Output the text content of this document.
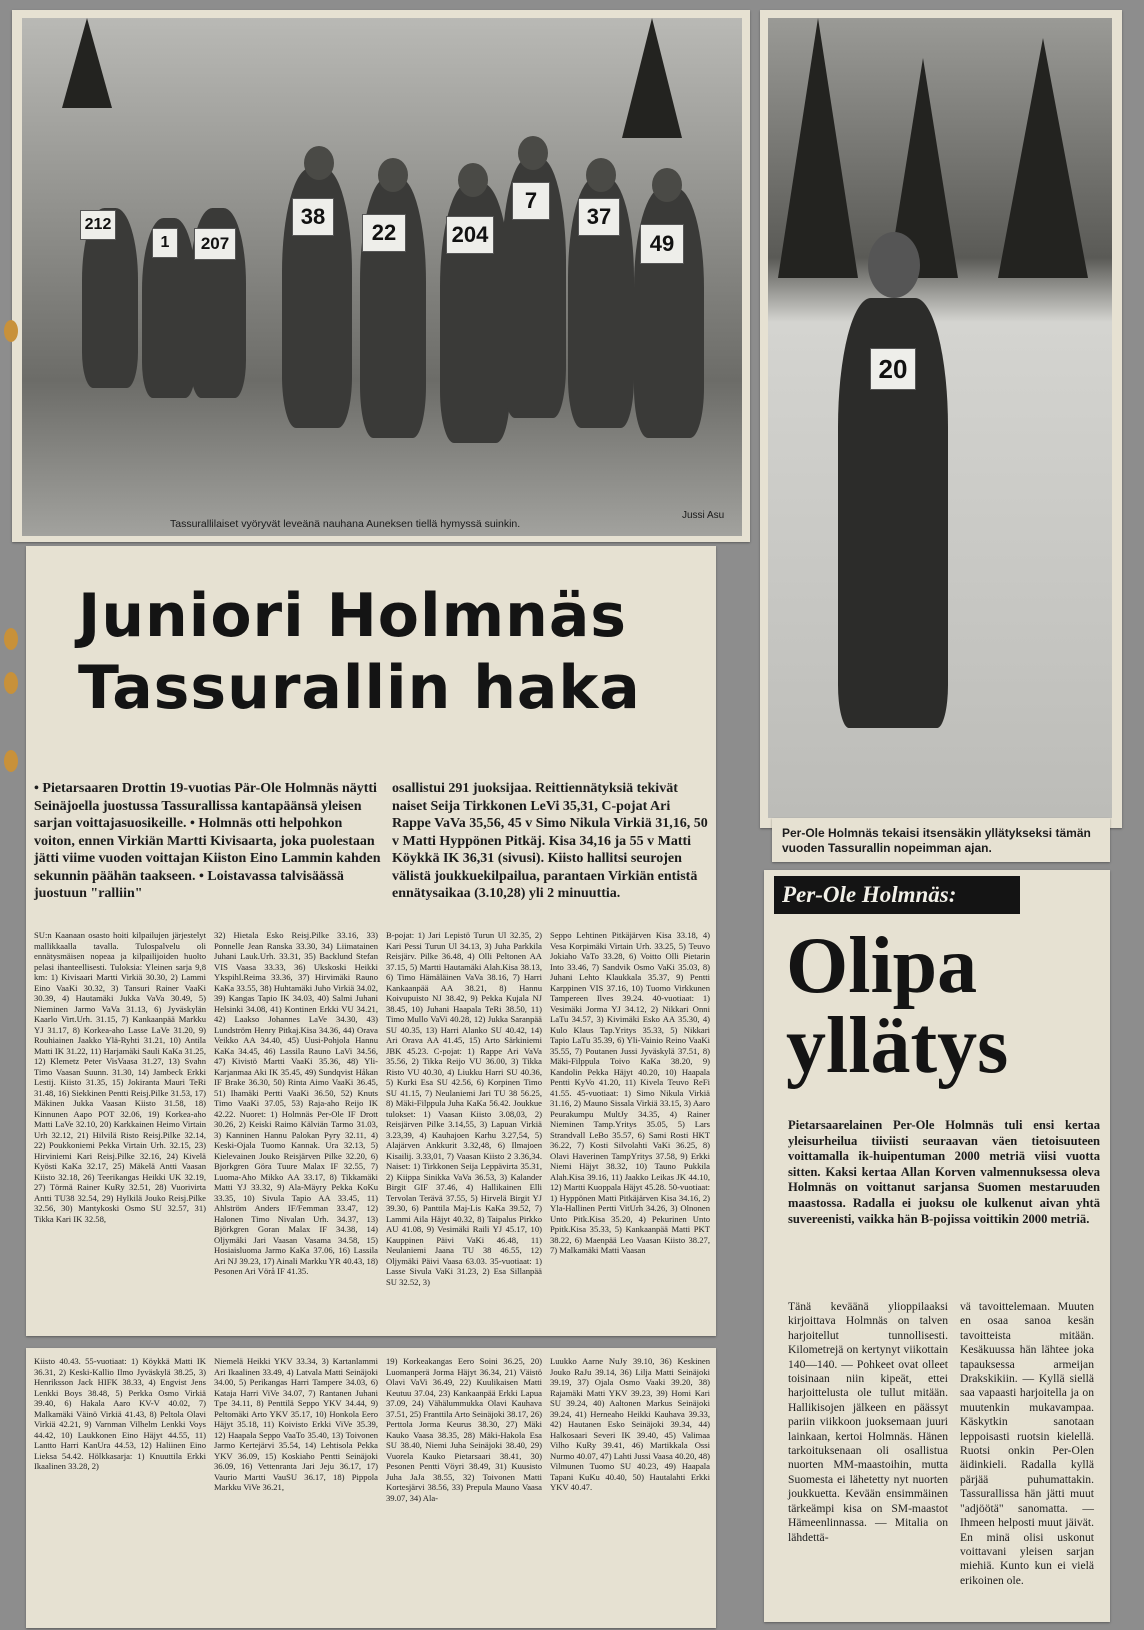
212
1	207
38
22	204
7
37
49
Tassurallilaiset vyöryvät leveänä nauhana Auneksen tiellä hymyssä suinkin.
Jussi Asu
20
Per-Ole Holmnäs tekaisi itsensäkin yllätykseksi tämän vuoden Tassurallin nopeimman ajan.
Juniori Holmnäs
Tassurallin haka
• Pietarsaaren Drottin 19-vuotias Pär-Ole Holmnäs näytti Seinäjoella juostussa Tassurallissa kantapäänsä yleisen sarjan voittajasuosikeille. • Holmnäs otti helpohkon voiton, ennen Virkiän Martti Kivisaarta, joka puolestaan jätti viime vuoden voittajan Kiiston Eino Lammin kahden sekunnin päähän taakseen. • Loistavassa talvisäässä juostuun "ralliin"
osallistui 291 juoksijaa. Reittiennätyksiä tekivät naiset Seija Tirkkonen LeVi 35,31, C-pojat Ari Rappe VaVa 35,56, 45 v Simo Nikula Virkiä 31,16, 50 v Matti Hyppönen Pitkäj. Kisa 34,16 ja 55 v Matti Köykkä IK 36,31 (sivusi). Kiisto hallitsi seurojen välistä joukkuekilpailua, parantaen Virkiän entistä ennätysaikaa (3.10,28) yli 2 minuuttia.
SU:n Kaanaan osasto hoiti kilpailujen järjestelyt mallikkaalla tavalla. Tulospalvelu oli ennätysmäisen nopeaa ja kilpailijoiden huolto pelasi ihanteellisesti. Tuloksia: Yleinen sarja 9,8 km: 1) Kivisaari Martti Virkiä 30.30, 2) Lammi Eino VaaKi 30.32, 3) Tansuri Rainer VaaKi 30.39, 4) Hautamäki Jukka VaVa 30.49, 5) Nieminen Jarmo VaVa 31.13, 6) Jyväskylän Kaarlo Virt.Urh. 31.15, 7) Kankaanpää Markku YJ 31.17, 8) Korkea-aho Lasse LaVe 31.20, 9) Rouhiainen Jaakko Ylä-Ryhti 31.21, 10) Antila Matti IK 31.22, 11) Harjamäki Sauli KaKa 31.25, 12) Klemetz Peter VisVaasa 31.27, 13) Svahn Timo Vaasan Suunn. 31.30, 14) Jambeck Erkki Lestij. Kiisto 31.35, 15) Jokiranta Mauri TeRi 31.48, 16) Siekkinen Pentti Reisj.Pilke 31.53, 17) Mäkinen Jukka Vaasan Kiisto 31.58, 18) Kinnunen Aapo POT 32.06, 19) Korkea-aho Matti LaVe 32.10, 20) Karkkainen Heimo Virtain Urh 32.12, 21) Hilvilä Risto Reisj.Pilke 32.14, 22) Poukkoniemi Pekka Virtain Urh. 32.15, 23) Hirviniemi Kari Reisj.Pilke 32.16, 24) Kivelä Kyösti KaKa 32.17, 25) Mäkelä Antti Vaasan Kiisto 32.18, 26) Teerikangas Heikki UK 32.19, 27) Törmä Rainer KuRy 32.51, 28) Vuorivirta Antti TU38 32.54, 29) Hylkilä Jouko Reisj.Pilke 32.56, 30) Mantykoski Osmo SU 32.57, 31) Tikka Kari IK 32.58,
32) Hietala Esko Reisj.Pilke 33.16, 33) Ponnelle Jean Ranska 33.30, 34) Liimatainen Juhani Lauk.Urh. 33.31, 35) Backlund Stefan VIS Vaasa 33.33, 36) Ukskoski Heikki Ykspihl.Reima 33.36, 37) Hirvimäki Rauno KaKa 33.55, 38) Huhtamäki Juho Virkiä 34.02, 39) Kangas Tapio IK 34.03, 40) Salmi Juhani Helsinki 34.08, 41) Kontinen Erkki VU 34.21, 42) Laakso Johannes LaVe 34.30, 43) Lundström Henry Pitkaj.Kisa 34.36, 44) Orava Veikko AA 34.40, 45) Uusi-Pohjola Hannu KaKa 34.45, 46) Lassila Rauno LaVi 34.56, 47) Kivistö Martti VaaKi 35.36, 48) Yli-Karjanmaa Aki IK 35.45, 49) Sundqvist Håkan IF Brake 36.30, 50) Rinta Aimo VaaKi 36.45, 51) Ihamäki Pertti VaaKi 36.50, 52) Knuts Timo VaaKi 37.05, 53) Raja-aho Reijo IK 42.22. Nuoret: 1) Holmnäs Per-Ole IF Drott 30.26, 2) Keiski Raimo Kälviän Tarmo 31.03, 3) Kanninen Hannu Palokan Pyry 32.11, 4) Keski-Ojala Tuomo Kannak. Ura 32.13, 5) Kielevainen Jouko Reisjärven Pilke 32.20, 6) Bjorkgren Göra Tuure Malax IF 32.55, 7) Luoma-Aho Mikko AA 33.17, 8) Tikkamäki Matti YJ 33.32, 9) Ala-Mäyry Pekka KoKu 33.35, 10) Sivula Tapio AA 33.45, 11) Ahlström Anders IF/Femman 33.47, 12) Halonen Timo Nivalan Urh. 34.37, 13) Björkgren Goran Malax IF 34.38, 14) Oljymäki Jari Vaasan Vasama 34.58, 15) Hosiaisluoma Jarmo KaKa 37.06, 16) Lassila Ari NJ 39.23, 17) Ainali Markku YR 40.43, 18) Pesonen Ari Vörå IF 41.35.
B-pojat: 1) Jari Lepistö Turun Ul 32.35, 2) Kari Pessi Turun Ul 34.13, 3) Juha Parkkila Reisjärv. Pilke 36.48, 4) Olli Peltonen AA 37.15, 5) Martti Hautamäki Alah.Kisa 38.13, 6) Timo Hämäläinen VaVa 38.16, 7) Harri Kankaanpää AA 38.21, 8) Hannu Koivupuisto NJ 38.42, 9) Pekka Kujala NJ 38.45, 10) Juhani Haapala TeRi 38.50, 11) Timo Mullo VaVi 40.28, 12) Jukka Saranpää SU 40.35, 13) Harri Alanko SU 40.42, 14) Ari Orava AA 41.45, 15) Arto Särkiniemi JBK 45.23. C-pojat: 1) Rappe Ari VaVa 35.56, 2) Tikka Reijo VU 36.00, 3) Tikka Risto VU 40.30, 4) Liukku Harri SU 40.36, 5) Kurki Esa SU 42.56, 6) Korpinen Timo SU 41.15, 7) Neulaniemi Jari TU 38 56.25, 8) Mäki-Filppula Juha KaKa 56.42. Joukkue tulokset: 1) Vaasan Kiisto 3.08,03, 2) Reisjärven Pilke 3.14,55, 3) Lapuan Virkiä 3.23,39, 4) Kauhajoen Karhu 3.27,54, 5) Alajärven Ankkurit 3.32,48, 6) Ilmajoen Kisailij. 3.33,01, 7) Vaasan Kiisto 2 3.36,34. Naiset: 1) Tirkkonen Seija Leppävirta 35.31, 2) Kiippa Sinikka VaVa 36.53, 3) Kalander Birgit GIF 37.46, 4) Hallikainen Elli Tervolan Terävä 37.55, 5) Hirvelä Birgit YJ 39.30, 6) Panttila Maj-Lis KaKa 39.52, 7) Lammi Aila Häjyt 40.32, 8) Taipalus Pirkko AU 41.08, 9) Vesimäki Raili YJ 45.17, 10) Kauppinen Päivi VaKi 46.48, 11) Neulaniemi Jaana TU 38 46.55, 12) Oljymäki Päivi Vaasa 63.03. 35-vuotiaat: 1) Lasse Sivula VaKi 31.23, 2) Esa Sillanpää SU 32.52, 3)
Seppo Lehtinen Pitkäjärven Kisa 33.18, 4) Vesa Korpimäki Virtain Urh. 33.25, 5) Teuvo Jokiaho VaTo 33.28, 6) Voitto Olli Pietarin Into 33.46, 7) Sandvik Osmo VaKi 35.03, 8) Juhani Lehto Klaukkala 35.37, 9) Pentti Karppinen VIS 37.16, 10) Tuomo Virkkunen Tampereen Ilves 39.24. 40-vuotiaat: 1) Vesimäki Jorma YJ 34.12, 2) Nikkari Onni LaTu 34.57, 3) Kivimäki Esko AA 35.30, 4) Kulo Klaus Tap.Yritys 35.33, 5) Nikkari Tapio LaTu 35.39, 6) Yli-Vainio Reino VaaKi 35.55, 7) Poutanen Jussi Jyväskylä 37.51, 8) Mäki-Filppula Toivo KaKa 38.20, 9) Kandolin Pekka Häjyt 40.20, 10) Haapala Pentti KyVo 41.20, 11) Kivela Teuvo ReFi 41.55. 45-vuotiaat: 1) Simo Nikula Virkiä 31.16, 2) Mauno Sissala Virkiä 33.15, 3) Aaro Peurakumpu MultJy 34.35, 4) Rainer Nieminen Tamp.Yritys 35.05, 5) Lars Strandvall LeBo 35.57, 6) Sami Rosti HKT 36.22, 7) Kosti Silvolahti VaKi 36.25, 8) Olavi Haverinen TampYritys 37.58, 9) Erkki Niemi Häjyt 38.32, 10) Tauno Pukkila Alah.Kisa 39.16, 11) Jaakko Leikas JK 44.10, 12) Martti Kuoppala Häjyt 45.28. 50-vuotiaat: 1) Hyppönen Matti Pitkäjärven Kisa 34.16, 2) Yla-Hallinen Pertti VitUrh 34.26, 3) Olnonen Unto Pitk.Kisa 35.20, 4) Pekurinen Unto Ppitk.Kisa 35.33, 5) Kankaanpää Matti PKT 38.22, 6) Maenpää Leo Vaasan Kiisto 38.27, 7) Malkamäki Matti Vaasan
Kiisto 40.43. 55-vuotiaat: 1) Köykkä Matti IK 36.31, 2) Keski-Kallio Ilmo Jyväskylä 38.25, 3) Henriksson Jack HIFK 38.33, 4) Engvist Jens Lenkki Boys 38.48, 5) Perkka Osmo Virkiä 39.40, 6) Hakala Aaro KV-V 40.02, 7) Malkamäki Väinö Virkiä 41.43, 8) Peltola Olavi Virkiä 42.21, 9) Varnman Vilhelm Lenkki Voys 44.42, 10) Laukkonen Eino Häjyt 44.55, 11) Lantto Harri KanUra 44.53, 12) Haliinen Eino Lieksa 54.42. Hölkkasarja: 1) Knuuttila Erkki Ikaalinen 33.28, 2)
Niemelä Heikki YKV 33.34, 3) Kartanlammi Ari Ikaalinen 33.49, 4) Latvala Matti Seinäjoki 34.00, 5) Perikangas Harri Tampere 34.03, 6) Kataja Harri ViVe 34.07, 7) Rantanen Juhani Tpe 34.11, 8) Penttilä Seppo YKV 34.44, 9) Peltomäki Arto YKV 35.17, 10) Honkola Eero Häjyt 35.18, 11) Koivisto Erkki ViVe 35.39, 12) Haapala Seppo VaaTo 35.40, 13) Toivonen Jarmo Kertejärvi 35.54, 14) Lehtisola Pekka YKV 36.09, 15) Koskiaho Pentti Seinäjoki 36.09, 16) Vettenranta Jari Jeju 36.17, 17) Vaurio Martti VauSU 36.17, 18) Pippola Markku ViVe 36.21,
19) Korkeakangas Eero Soini 36.25, 20) Luomanperä Jorma Häjyt 36.34, 21) Väistö Olavi VaVi 36.49, 22) Kuulikaisen Matti Keutuu 37.04, 23) Kankaanpää Erkki Lapua 37.09, 24) Vähälummukka Olavi Kauhava 37.51, 25) Franttila Arto Seinäjoki 38.17, 26) Perttola Jorma Keurus 38.30, 27) Mäki Kauko Vaasa 38.35, 28) Mäki-Hakola Esa SU 38.40, Niemi Juha Seinäjoki 38.40, 29) Vuorela Kauko Pietarsaari 38.41, 30) Pesonen Pentti Vöyri 38.49, 31) Kuusisto Juha JaJa 38.55, 32) Toivonen Matti Kortesjärvi 38.56, 33) Prepula Mauno Vaasa 39.07, 34) Ala-
Luukko Aarne NuJy 39.10, 36) Keskinen Jouko RaJu 39.14, 36) Lilja Matti Seinäjoki 39.19, 37) Ojala Osmo Vaaki 39.20, 38) Rajamäki Matti YKV 39.23, 39) Homi Kari SU 39.24, 40) Aaltonen Markus Seinäjoki 39.24, 41) Herneaho Heikki Kauhava 39.33, 42) Hautanen Esko Seinäjoki 39.34, 44) Halkosaari Severi IK 39.40, 45) Valimaa Vilho KuRy 39.41, 46) Martikkala Ossi Nurmo 40.07, 47) Lahti Jussi Vaasa 40.20, 48) Vilmunen Tuomo SU 40.23, 49) Haapala Tapani KuKu 40.40, 50) Hautalahti Erkki YKV 40.47.
Per-Ole Holmnäs:
Olipa
yllätys
Pietarsaarelainen Per-Ole Holmnäs tuli ensi kertaa yleisurheilua tiiviisti seuraavan väen tietoisuuteen voittamalla ik-huipentuman 2000 metriä viisi vuotta sitten. Kaksi kertaa Allan Korven valmennuksessa oleva Holmnäs on voittanut sarjansa Suomen mestaruuden maastossa. Radalla ei juoksu ole kulkenut aivan yhtä suvereenisti, vaikka hän B-pojissa voittikin 2000 metriä.
Tänä keväänä ylioppilaaksi kirjoittava Holmnäs on talven harjoitellut tunnollisesti. Kilometrejä on kertynyt viikottain 140—140. — Pohkeet ovat olleet toisinaan niin kipeät, ettei harjoittelusta ole tullut mitään. Hallikisojen jälkeen en päässyt pariin viikkoon juoksemaan juuri lainkaan, kertoi Holmnäs. Hänen tarkoituksenaan oli osallistua nuorten MM-maastoihin, mutta Suomesta ei lähetetty nyt nuorten joukkuetta. Kevään ensimmäinen tärkeämpi kisa on SM-maastot Hämeenlinnassa. — Mitalia on lähdettä-
vä tavoittelemaan. Muuten en osaa sanoa kesän tavoitteista mitään. Kesäkuussa hän lähtee joka tapauksessa armeijan Drakskikiin. — Kyllä siellä saa vapaasti harjoitella ja on muutenkin mukavampaa. Käskytkin sanotaan leppoisasti ruotsin kielellä. Ruotsi onkin Per-Olen äidinkieli. Radalla kyllä pärjää puhumattakin. Tassurallissa hän jätti muut "adjöötä" sanomatta. — Ihmeen helposti muut jäivät. En minä olisi uskonut voittavani yleisen sarjan miehiä. Kunto kun ei vielä erikoinen ole.
